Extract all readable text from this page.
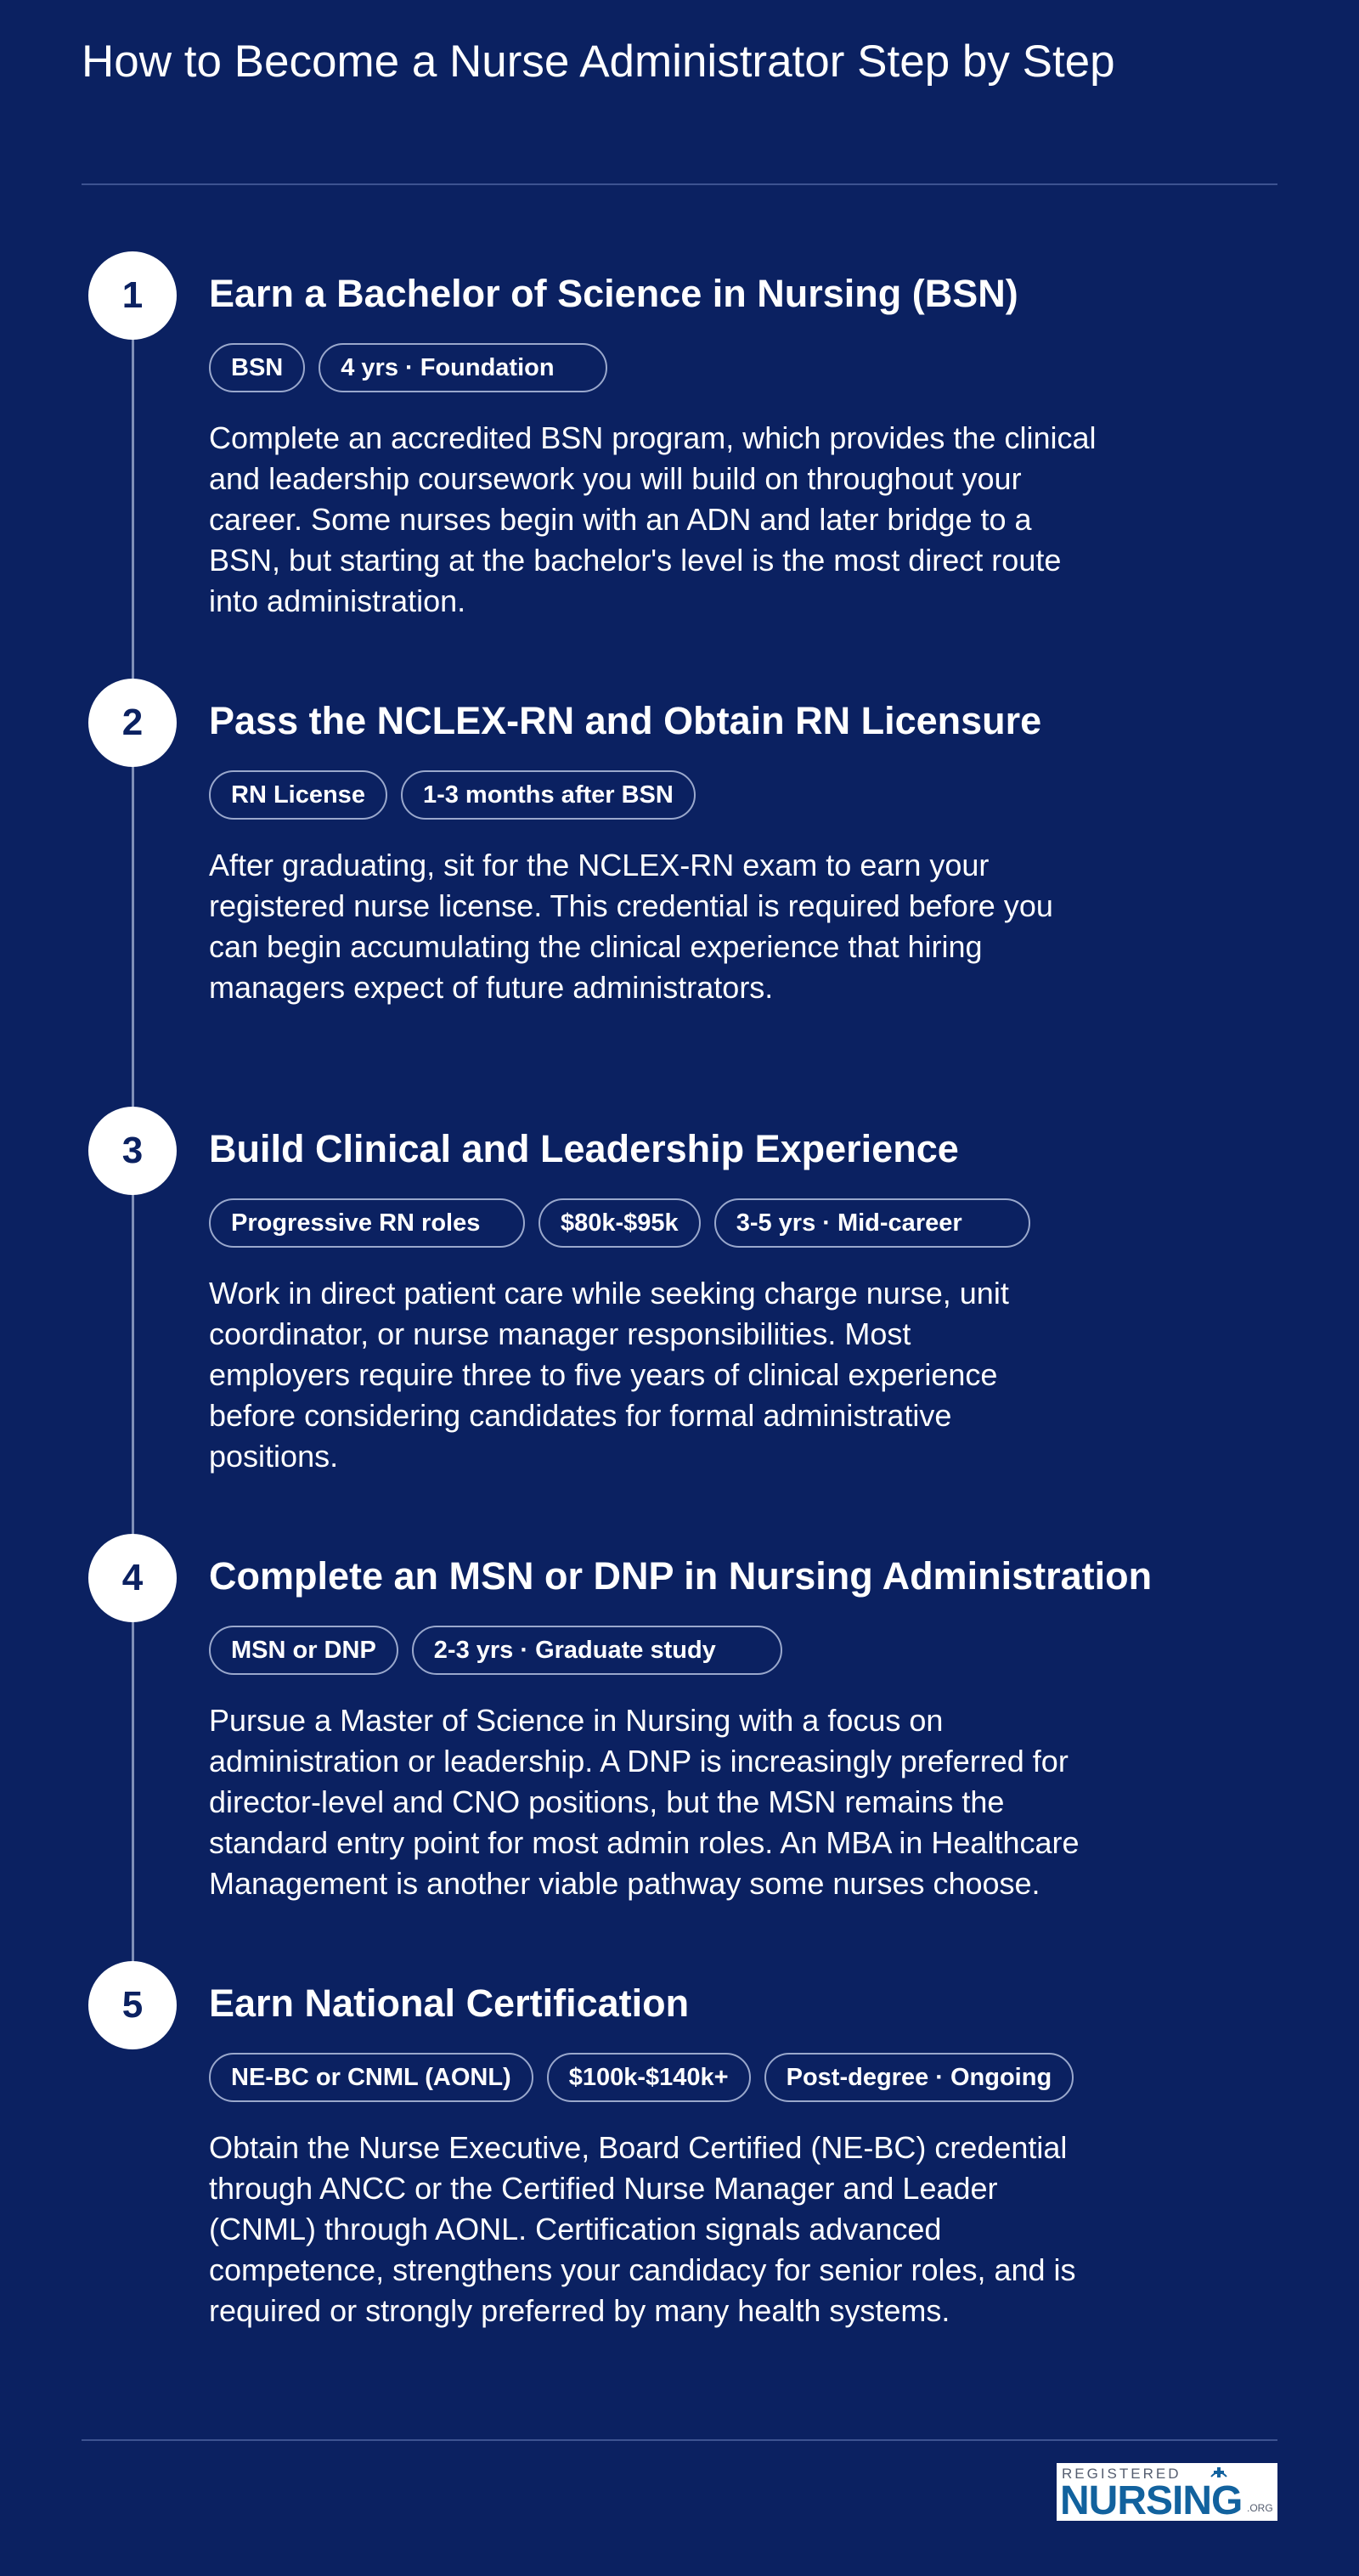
How to Become a Nurse Administrator Step by Step
1	Earn a Bachelor of Science in Nursing (BSN)
BSN	4 yrs · Foundation

Complete an accredited BSN program, which provides the clinical and leadership coursework you will build on throughout your career. Some nurses begin with an ADN and later bridge to a BSN, but starting at the bachelor's level is the most direct route into administration.

2	Pass the NCLEX-RN and Obtain RN Licensure
RN License	1-3 months after BSN

After graduating, sit for the NCLEX-RN exam to earn your registered nurse license. This credential is required before you can begin accumulating the clinical experience that hiring managers expect of future administrators.

3	Build Clinical and Leadership Experience
Progressive RN roles	$80k-$95k	3-5 yrs · Mid-career

Work in direct patient care while seeking charge nurse, unit coordinator, or nurse manager responsibilities. Most employers require three to five years of clinical experience before considering candidates for formal administrative positions.

4	Complete an MSN or DNP in Nursing Administration
MSN or DNP	2-3 yrs · Graduate study

Pursue a Master of Science in Nursing with a focus on administration or leadership. A DNP is increasingly preferred for director-level and CNO positions, but the MSN remains the standard entry point for most admin roles. An MBA in Healthcare Management is another viable pathway some nurses choose.

5	Earn National Certification
NE-BC or CNML (AONL)	$100k-$140k+	Post-degree · Ongoing

Obtain the Nurse Executive, Board Certified (NE-BC) credential through ANCC or the Certified Nurse Manager and Leader (CNML) through AONL. Certification signals advanced competence, strengthens your candidacy for senior roles, and is required or strongly preferred by many health systems.

REGISTERED
NURSING .ORG
